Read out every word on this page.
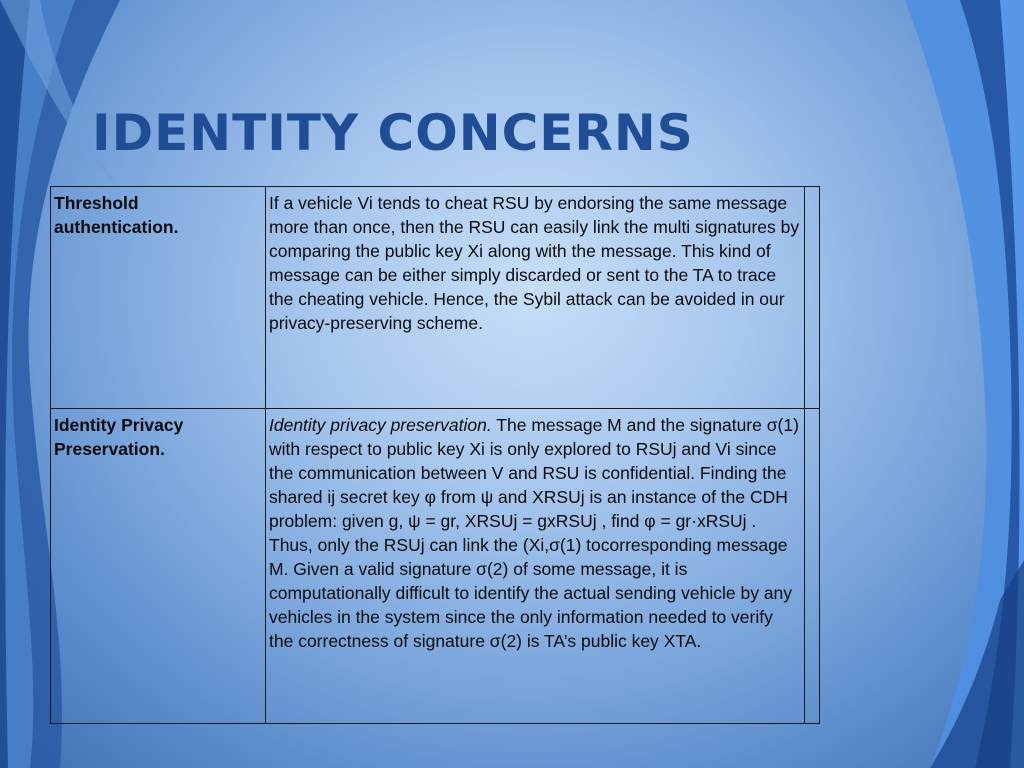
IDENTITY CONCERNS
Threshold authentication.	If a vehicle Vi tends to cheat RSU by endorsing the same message more than once, then the RSU can easily link the multi signatures by comparing the public key Xi along with the message. This kind of message can be either simply discarded or sent to the TA to trace the cheating vehicle. Hence, the Sybil attack can be avoided in our privacy-preserving scheme.	
Identity Privacy Preservation.	Identity privacy preservation. The message M and the signature σ(1) with respect to public key Xi is only explored to RSUj and Vi since the communication between V and RSU is confidential. Finding the shared ij secret key φ from ψ and XRSUj is an instance of the CDH problem: given g, ψ = gr, XRSUj = gxRSUj , find φ = gr·xRSUj . Thus, only the RSUj can link the (Xi,σ(1) tocorresponding message M. Given a valid signature σ(2) of some message, it is computationally difficult to identify the actual sending vehicle by any vehicles in the system since the only information needed to verify the correctness of signature σ(2) is TA’s public key XTA.	
